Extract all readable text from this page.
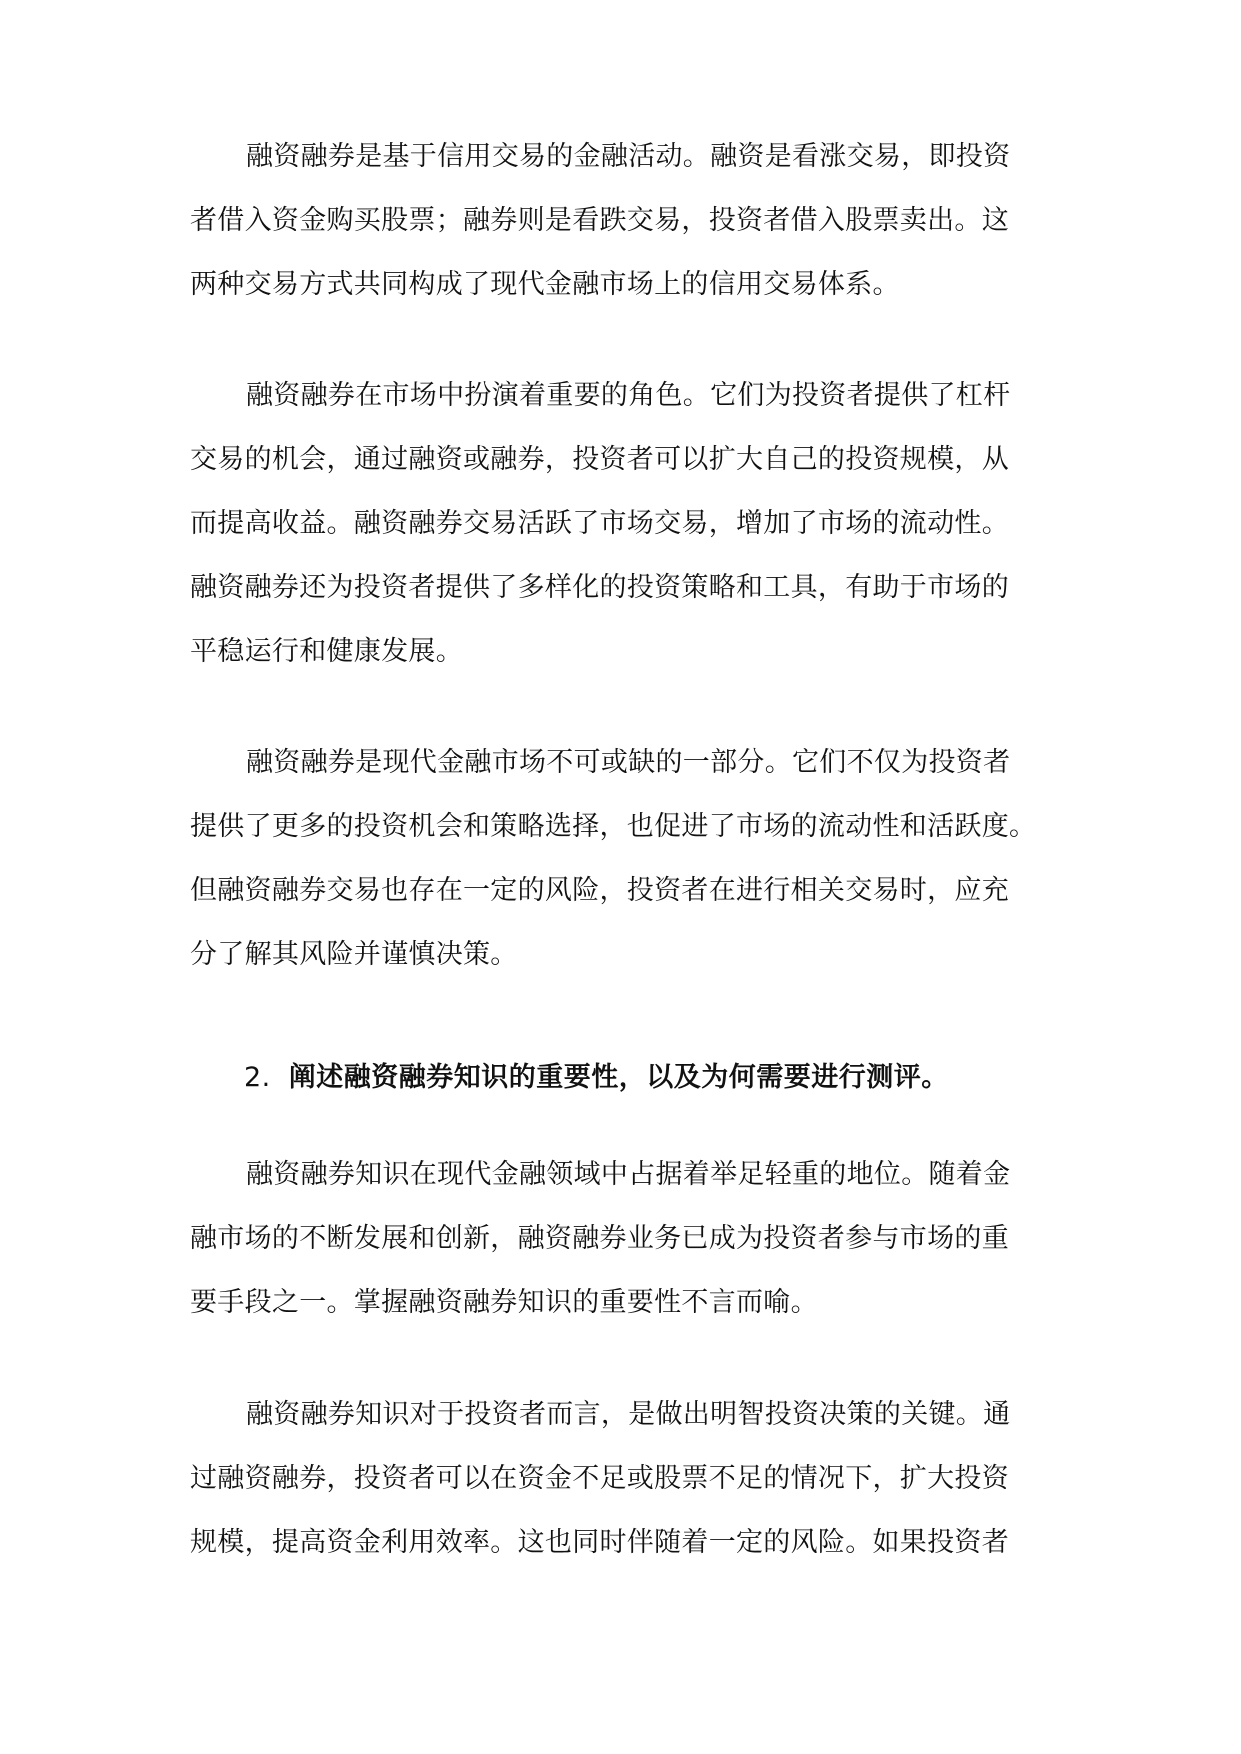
融资融券是基于信用交易的金融活动。融资是看涨交易，即投资
者借入资金购买股票；融券则是看跌交易，投资者借入股票卖出。这
两种交易方式共同构成了现代金融市场上的信用交易体系。
融资融券在市场中扮演着重要的角色。它们为投资者提供了杠杆
交易的机会，通过融资或融券，投资者可以扩大自己的投资规模，从
而提高收益。融资融券交易活跃了市场交易，增加了市场的流动性。
融资融券还为投资者提供了多样化的投资策略和工具，有助于市场的
平稳运行和健康发展。
融资融券是现代金融市场不可或缺的一部分。它们不仅为投资者
提供了更多的投资机会和策略选择，也促进了市场的流动性和活跃度。
但融资融券交易也存在一定的风险，投资者在进行相关交易时，应充
分了解其风险并谨慎决策。
2. 阐述融资融券知识的重要性，以及为何需要进行测评。
融资融券知识在现代金融领域中占据着举足轻重的地位。随着金
融市场的不断发展和创新，融资融券业务已成为投资者参与市场的重
要手段之一。掌握融资融券知识的重要性不言而喻。
融资融券知识对于投资者而言，是做出明智投资决策的关键。通
过融资融券，投资者可以在资金不足或股票不足的情况下，扩大投资
规模，提高资金利用效率。这也同时伴随着一定的风险。如果投资者
